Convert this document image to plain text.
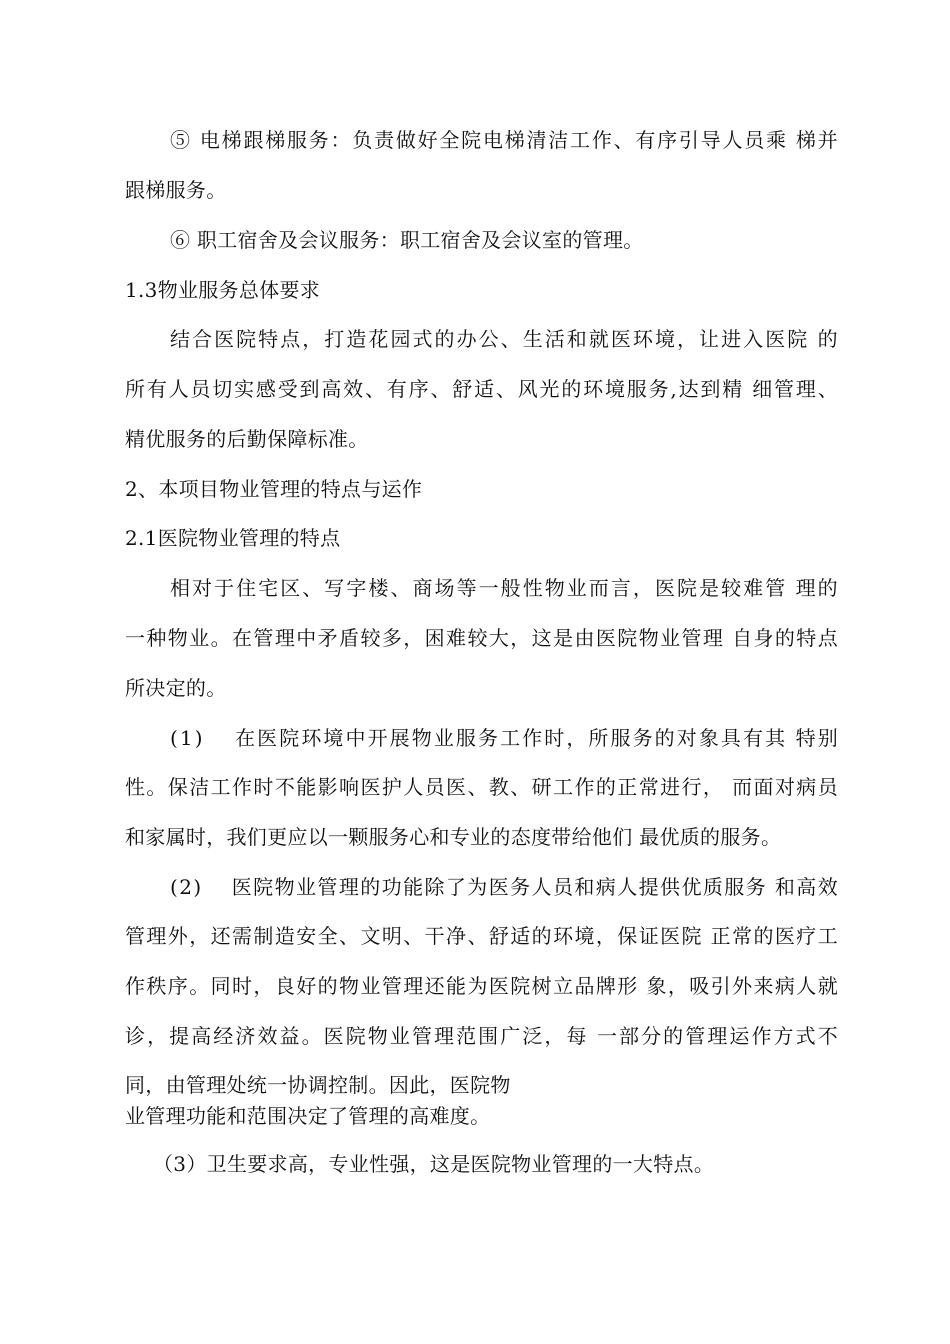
⑤ 电梯跟梯服务：负责做好全院电梯清洁工作、有序引导人员乘 梯并
跟梯服务。
⑥ 职工宿舍及会议服务：职工宿舍及会议室的管理。
1.3物业服务总体要求
结合医院特点，打造花园式的办公、生活和就医环境，让进入医院 的
所有人员切实感受到高效、有序、舒适、风光的环境服务,达到精 细管理、
精优服务的后勤保障标准。
2、本项目物业管理的特点与运作
2.1医院物业管理的特点
相对于住宅区、写字楼、商场等一般性物业而言，医院是较难管 理的
一种物业。在管理中矛盾较多，困难较大，这是由医院物业管理 自身的特点
所决定的。
(1)　 在医院环境中开展物业服务工作时，所服务的对象具有其 特别
性。保洁工作时不能影响医护人员医、教、研工作的正常进行， 而面对病员
和家属时，我们更应以一颗服务心和专业的态度带给他们 最优质的服务。
(2)　 医院物业管理的功能除了为医务人员和病人提供优质服务 和高效
管理外，还需制造安全、文明、干净、舒适的环境，保证医院 正常的医疗工
作秩序。同时，良好的物业管理还能为医院树立品牌形 象，吸引外来病人就
诊，提高经济效益。医院物业管理范围广泛，每 一部分的管理运作方式不
同，由管理处统一协调控制。因此，医院物
业管理功能和范围决定了管理的高难度。
（3）卫生要求高，专业性强，这是医院物业管理的一大特点。
